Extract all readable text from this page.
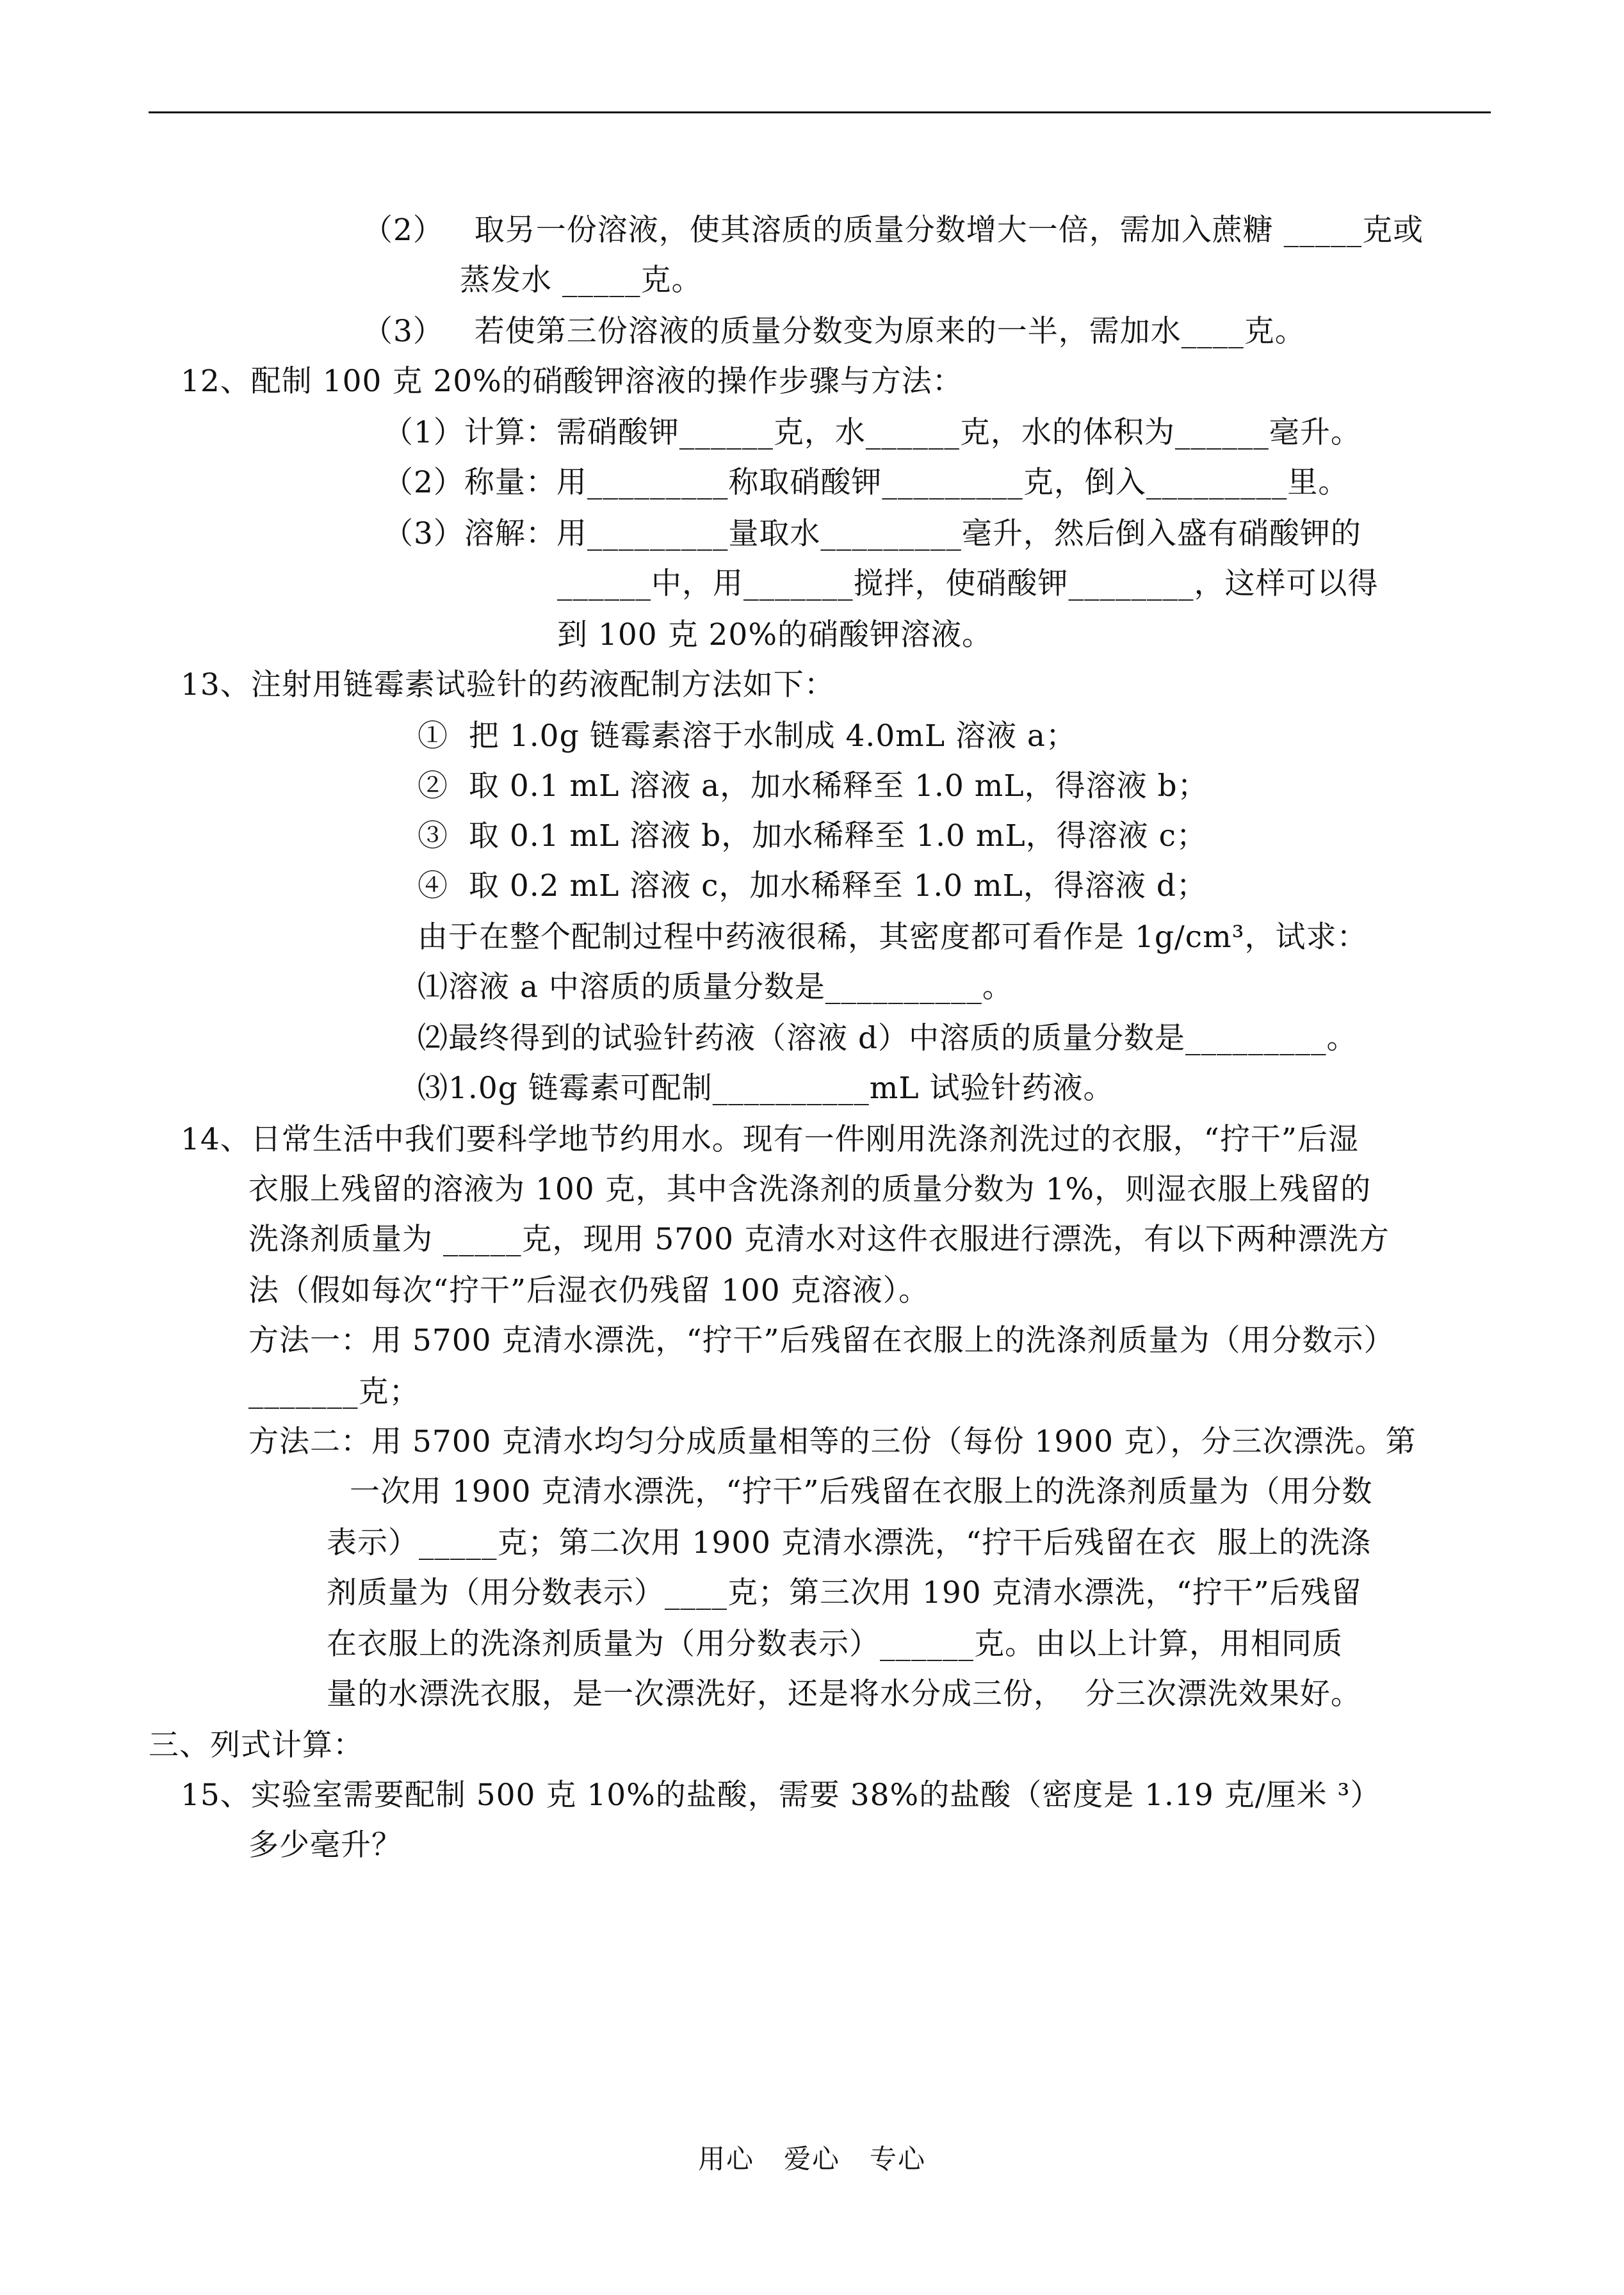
（2）   取另一份溶液，使其溶质的质量分数增大一倍，需加入蔗糖 _____克或
蒸发水 _____克。
（3）   若使第三份溶液的质量分数变为原来的一半，需加水____克。
12、配制 100 克 20%的硝酸钾溶液的操作步骤与方法：
（1）计算：需硝酸钾______克，水______克，水的体积为______毫升。
（2）称量：用_________称取硝酸钾_________克，倒入_________里。
（3）溶解：用_________量取水_________毫升，然后倒入盛有硝酸钾的
______中，用_______搅拌，使硝酸钾________，这样可以得
到 100 克 20%的硝酸钾溶液。
13、注射用链霉素试验针的药液配制方法如下：
①  把 1.0g 链霉素溶于水制成 4.0mL 溶液 a；
②  取 0.1 mL 溶液 a，加水稀释至 1.0 mL，得溶液 b；
③  取 0.1 mL 溶液 b，加水稀释至 1.0 mL，得溶液 c；
④  取 0.2 mL 溶液 c，加水稀释至 1.0 mL，得溶液 d；
由于在整个配制过程中药液很稀，其密度都可看作是 1g/cm³，试求：
⑴溶液 a 中溶质的质量分数是__________。
⑵最终得到的试验针药液（溶液 d）中溶质的质量分数是_________。
⑶1.0g 链霉素可配制__________mL 试验针药液。
14、日常生活中我们要科学地节约用水。现有一件刚用洗涤剂洗过的衣服，“拧干”后湿
衣服上残留的溶液为 100 克，其中含洗涤剂的质量分数为 1%，则湿衣服上残留的
洗涤剂质量为 _____克，现用 5700 克清水对这件衣服进行漂洗，有以下两种漂洗方
法（假如每次“拧干”后湿衣仍残留 100 克溶液）。
方法一：用 5700 克清水漂洗，“拧干”后残留在衣服上的洗涤剂质量为（用分数示）
_______克；
方法二：用 5700 克清水均匀分成质量相等的三份（每份 1900 克），分三次漂洗。第
一次用 1900 克清水漂洗，“拧干”后残留在衣服上的洗涤剂质量为（用分数
表示）_____克；第二次用 1900 克清水漂洗，“拧干后残留在衣  服上的洗涤
剂质量为（用分数表示）____克；第三次用 190 克清水漂洗，“拧干”后残留
在衣服上的洗涤剂质量为（用分数表示）______克。由以上计算，用相同质
量的水漂洗衣服，是一次漂洗好，还是将水分成三份，  分三次漂洗效果好。
三、列式计算：
15、实验室需要配制 500 克 10%的盐酸，需要 38%的盐酸（密度是 1.19 克/厘米 ³）
多少毫升？
用心   爱心   专心
